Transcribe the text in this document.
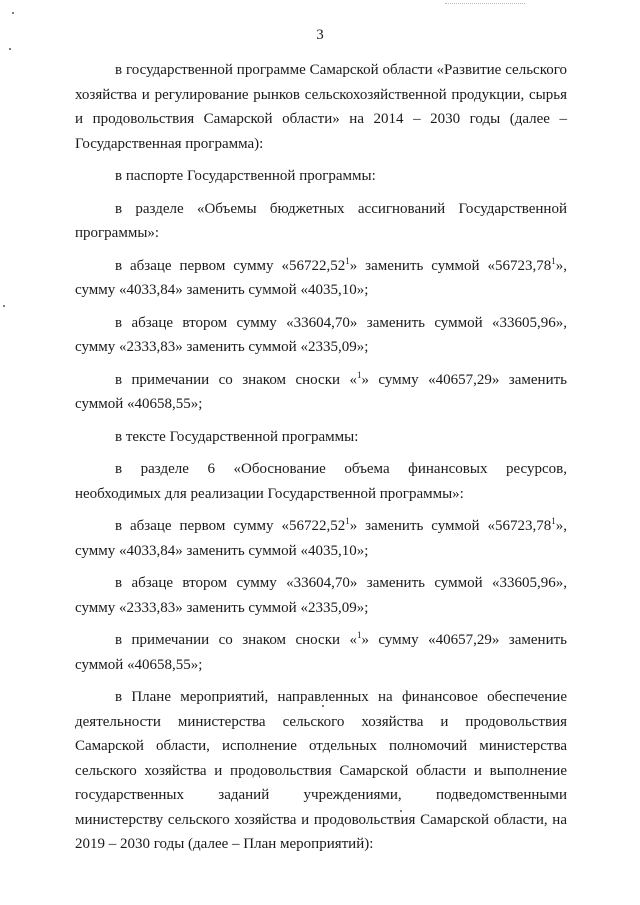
3

в государственной программе Самарской области «Развитие сельского хозяйства и регулирование рынков сельскохозяйственной продукции, сырья и продовольствия Самарской области» на 2014 – 2030 годы (далее – Государственная программа):

в паспорте Государственной программы:

в разделе «Объемы бюджетных ассигнований Государственной программы»:

в абзаце первом сумму «56722,52$^1$» заменить суммой «56723,78$^1$», сумму «4033,84» заменить суммой «4035,10»;

в абзаце втором сумму «33604,70» заменить суммой «33605,96», сумму «2333,83» заменить суммой «2335,09»;

в примечании со знаком сноски «$^1$» сумму «40657,29» заменить суммой «40658,55»;

в тексте Государственной программы:

в разделе 6 «Обоснование объема финансовых ресурсов, необходимых для реализации Государственной программы»:

в абзаце первом сумму «56722,52$^1$» заменить суммой «56723,78$^1$», сумму «4033,84» заменить суммой «4035,10»;

в абзаце втором сумму «33604,70» заменить суммой «33605,96», сумму «2333,83» заменить суммой «2335,09»;

в примечании со знаком сноски «$^1$» сумму «40657,29» заменить суммой «40658,55»;

в Плане мероприятий, направленных на финансовое обеспечение деятельности министерства сельского хозяйства и продовольствия Самарской области, исполнение отдельных полномочий министерства сельского хозяйства и продовольствия Самарской области и выполнение государственных заданий учреждениями, подведомственными министерству сельского хозяйства и продовольствия Самарской области, на 2019 – 2030 годы (далее – План мероприятий):
